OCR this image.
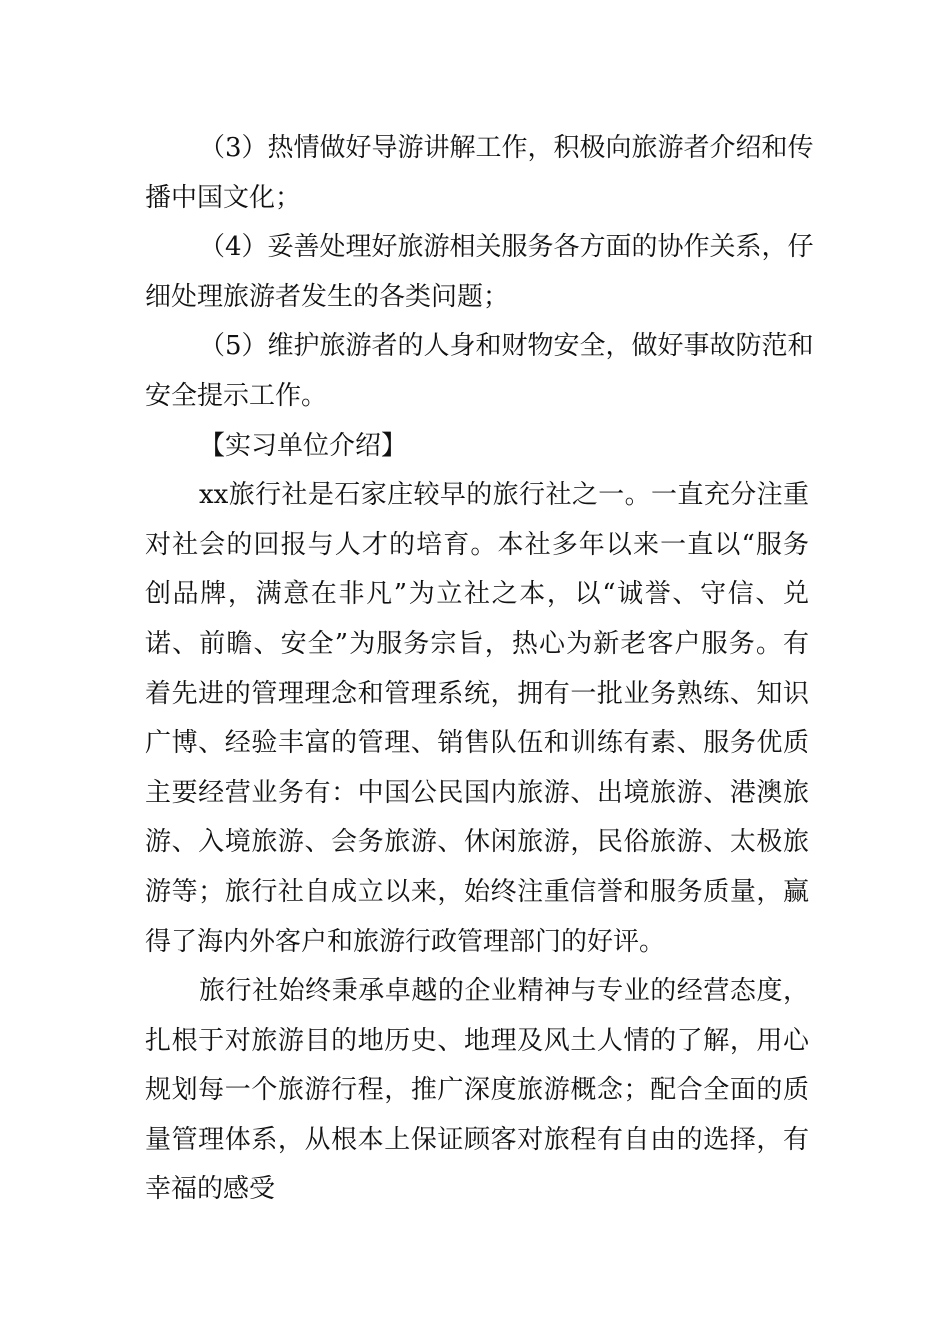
（3）热情做好导游讲解工作，积极向旅游者介绍和传
播中国文化；
（4）妥善处理好旅游相关服务各方面的协作关系，仔
细处理旅游者发生的各类问题；
（5）维护旅游者的人身和财物安全，做好事故防范和
安全提示工作。
【实习单位介绍】
xx旅行社是石家庄较早的旅行社之一。一直充分注重
对社会的回报与人才的培育。本社多年以来一直以“服务
创品牌，满意在非凡”为立社之本，以“诚誉、守信、兑
诺、前瞻、安全”为服务宗旨，热心为新老客户服务。有
着先进的管理理念和管理系统，拥有一批业务熟练、知识
广博、经验丰富的管理、销售队伍和训练有素、服务优质
主要经营业务有：中国公民国内旅游、出境旅游、港澳旅
游、入境旅游、会务旅游、休闲旅游，民俗旅游、太极旅
游等；旅行社自成立以来，始终注重信誉和服务质量，赢
得了海内外客户和旅游行政管理部门的好评。
旅行社始终秉承卓越的企业精神与专业的经营态度，
扎根于对旅游目的地历史、地理及风土人情的了解，用心
规划每一个旅游行程，推广深度旅游概念；配合全面的质
量管理体系，从根本上保证顾客对旅程有自由的选择，有
幸福的感受
